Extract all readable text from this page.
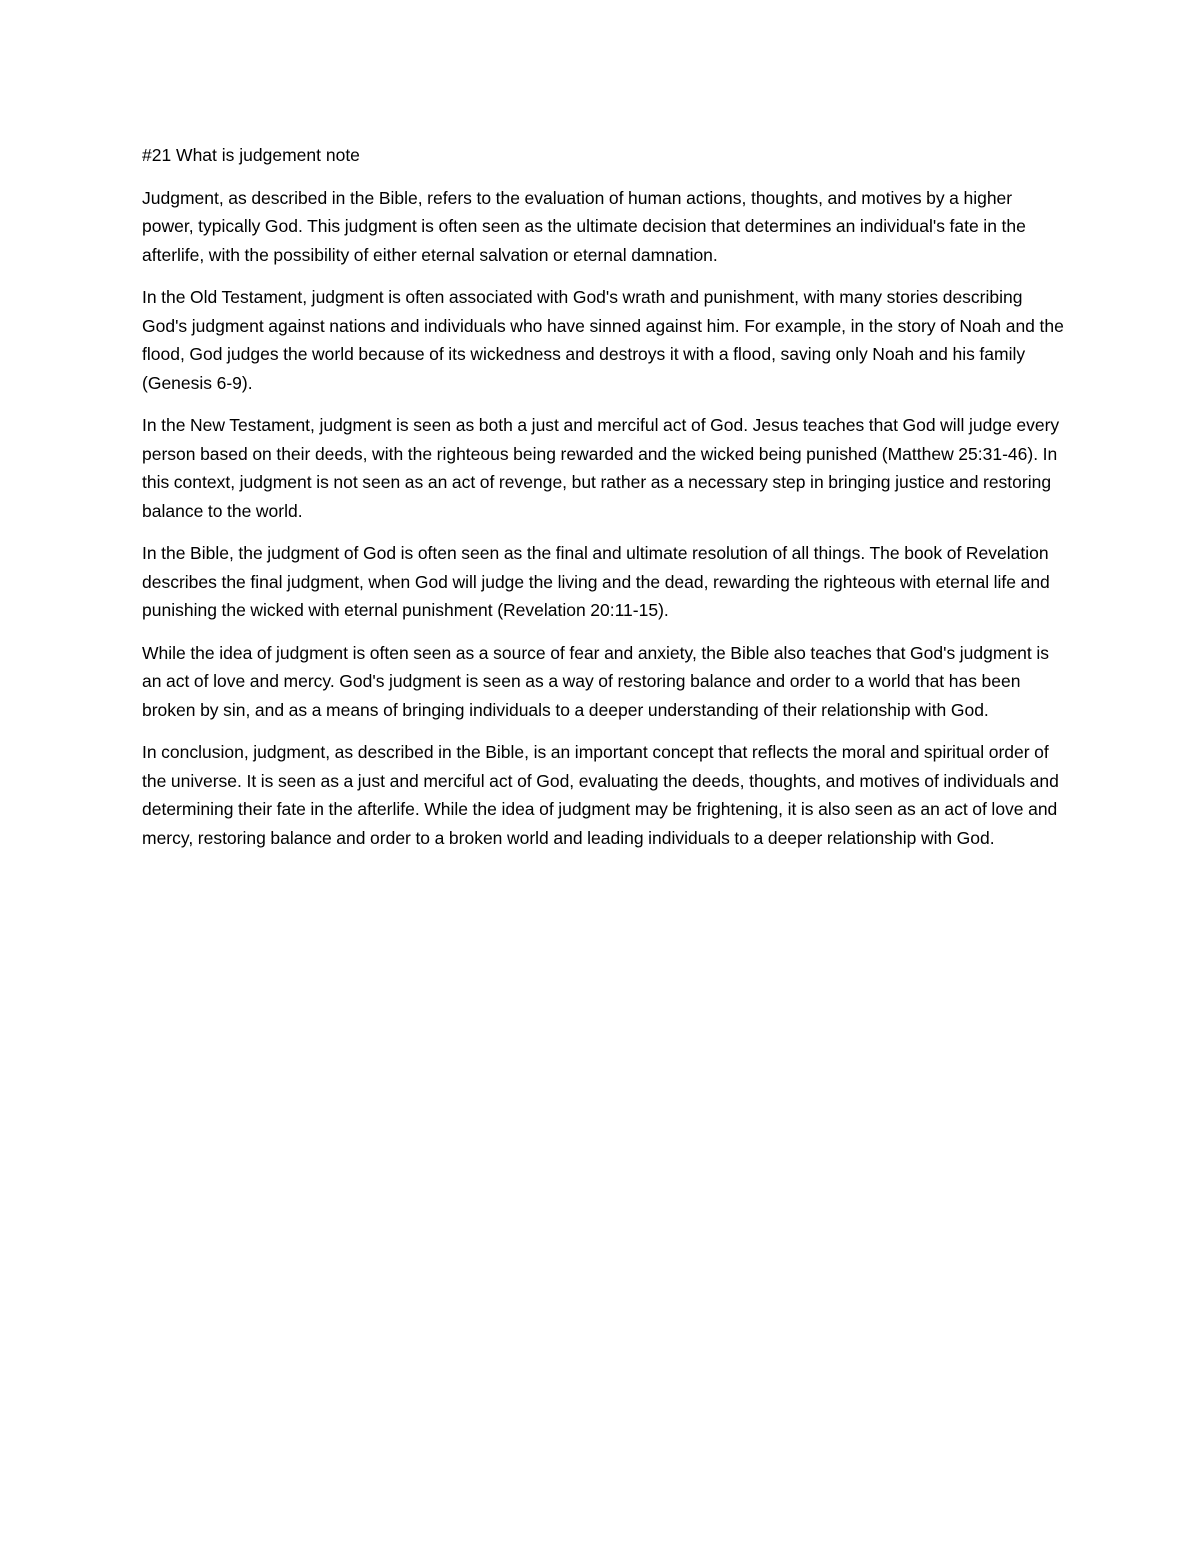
#21 What is judgement note

Judgment, as described in the Bible, refers to the evaluation of human actions, thoughts, and motives by a higher power, typically God. This judgment is often seen as the ultimate decision that determines an individual's fate in the afterlife, with the possibility of either eternal salvation or eternal damnation.

In the Old Testament, judgment is often associated with God's wrath and punishment, with many stories describing God's judgment against nations and individuals who have sinned against him. For example, in the story of Noah and the flood, God judges the world because of its wickedness and destroys it with a flood, saving only Noah and his family (Genesis 6-9).

In the New Testament, judgment is seen as both a just and merciful act of God. Jesus teaches that God will judge every person based on their deeds, with the righteous being rewarded and the wicked being punished (Matthew 25:31-46). In this context, judgment is not seen as an act of revenge, but rather as a necessary step in bringing justice and restoring balance to the world.

In the Bible, the judgment of God is often seen as the final and ultimate resolution of all things. The book of Revelation describes the final judgment, when God will judge the living and the dead, rewarding the righteous with eternal life and punishing the wicked with eternal punishment (Revelation 20:11-15).

While the idea of judgment is often seen as a source of fear and anxiety, the Bible also teaches that God's judgment is an act of love and mercy. God's judgment is seen as a way of restoring balance and order to a world that has been broken by sin, and as a means of bringing individuals to a deeper understanding of their relationship with God.

In conclusion, judgment, as described in the Bible, is an important concept that reflects the moral and spiritual order of the universe. It is seen as a just and merciful act of God, evaluating the deeds, thoughts, and motives of individuals and determining their fate in the afterlife. While the idea of judgment may be frightening, it is also seen as an act of love and mercy, restoring balance and order to a broken world and leading individuals to a deeper relationship with God.
